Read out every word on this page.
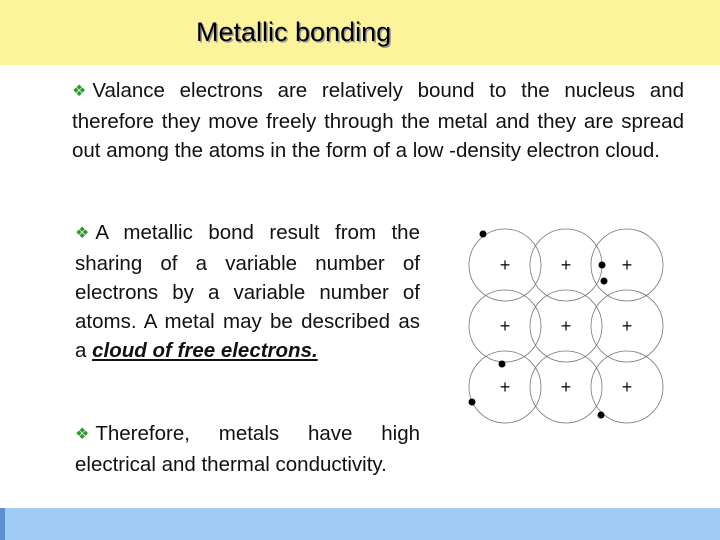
Metallic bonding

❖ Valance electrons are relatively bound to the nucleus and therefore they move freely through the metal and they are spread out among the atoms in the form of a low -density electron cloud.

❖ A metallic bond result from the sharing of a variable number of electrons by a variable number of atoms. A metal may be described as a cloud of free electrons.

❖ Therefore, metals have high electrical and thermal conductivity.

+	+	+
+	+	+
+	+	+
